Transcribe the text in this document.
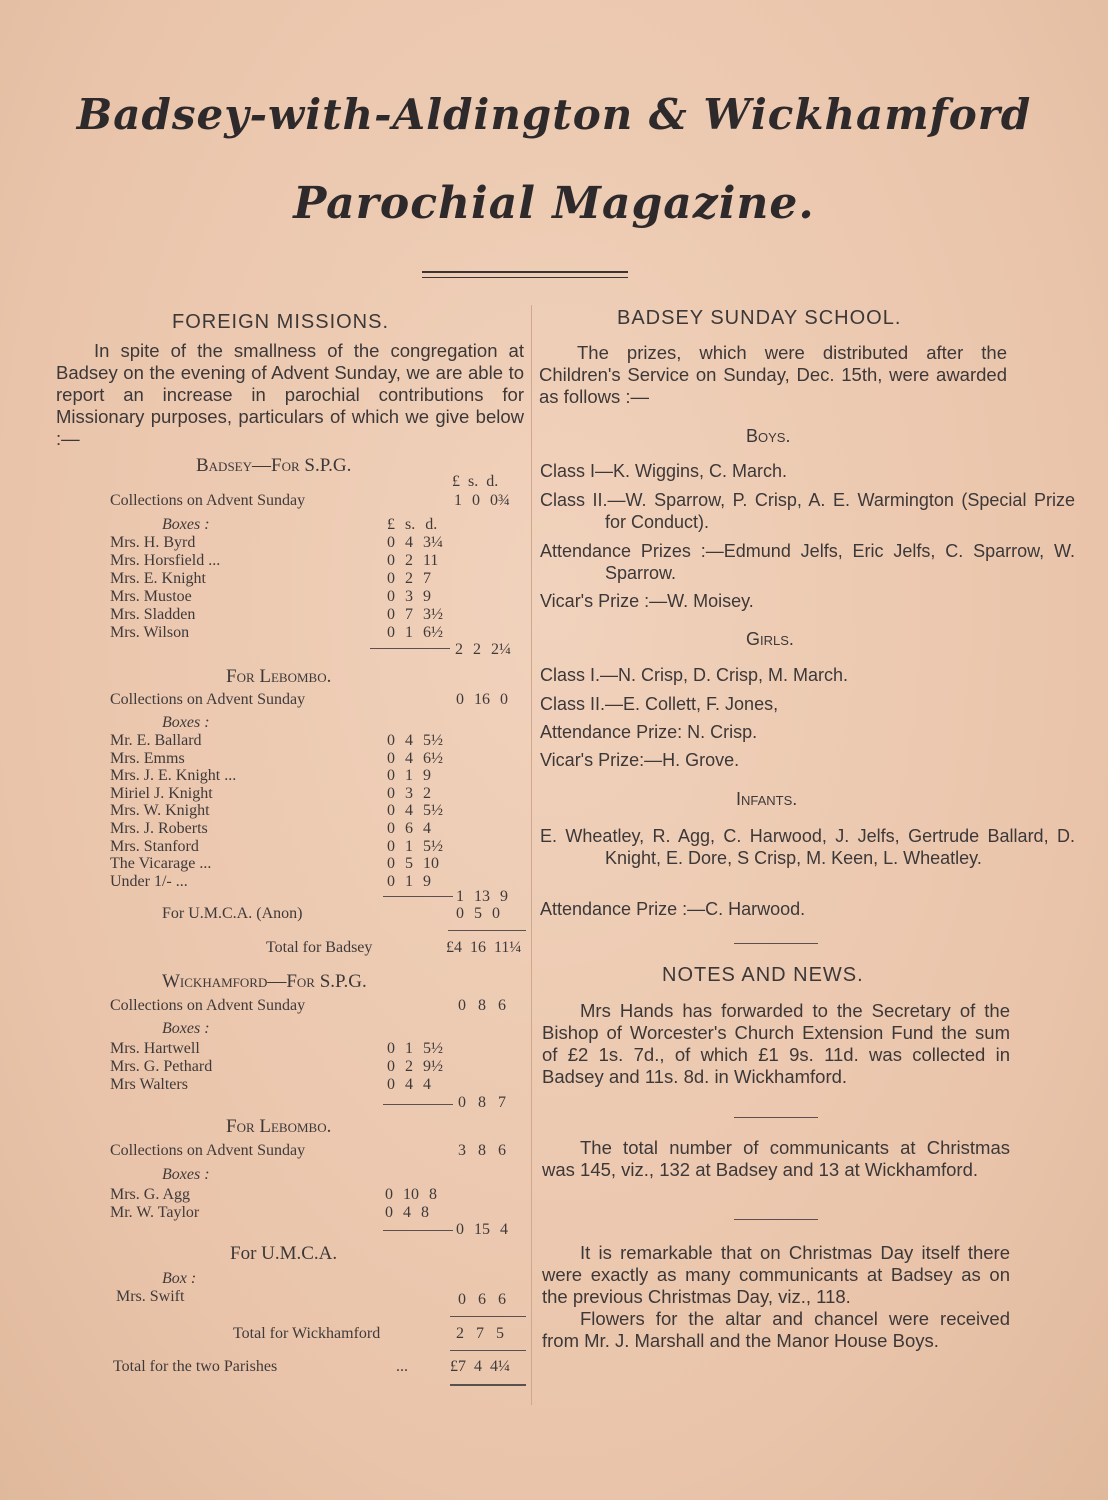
Badsey-with-Aldington & Wickhamford
Parochial Magazine.
FOREIGN MISSIONS.

In spite of the smallness of the congregation at Badsey on the evening of Advent Sunday, we are able to report an increase in parochial contributions for Missionary purposes, particulars of which we give below :—

Badsey—For S.P.G.
£ s. d.
Collections on Advent Sunday	1 0 0¾
Boxes :	£ s. d.
Mrs. H. Byrd	0 4 3¼
Mrs. Horsfield ...	0 2 11
Mrs. E. Knight	0 2 7
Mrs. Mustoe	0 3 9
Mrs. Sladden	0 7 3½
Mrs. Wilson	0 1 6½
2 2 2¼
For Lebombo.
Collections on Advent Sunday	0 16 0
Boxes :
Mr. E. Ballard	0 4 5½
Mrs. Emms	0 4 6½
Mrs. J. E. Knight ...	0 1 9
Miriel J. Knight	0 3 2
Mrs. W. Knight	0 4 5½
Mrs. J. Roberts	0 6 4
Mrs. Stanford	0 1 5½
The Vicarage ...	0 5 10
Under 1/- ...	0 1 9
1 13 9
For U.M.C.A. (Anon)	0 5 0
Total for Badsey	£4 16 11¼
Wickhamford—For S.P.G.
Collections on Advent Sunday	0 8 6
Boxes :
Mrs. Hartwell	0 1 5½
Mrs. G. Pethard	0 2 9½
Mrs Walters	0 4 4
0 8 7
For Lebombo.
Collections on Advent Sunday	3 8 6
Boxes :
Mrs. G. Agg	0 10 8
Mr. W. Taylor	0 4 8
0 15 4
For U.M.C.A.
Box :
Mrs. Swift	0 6 6
Total for Wickhamford	2 7 5
Total for the two Parishes	...	£7 4 4¼
BADSEY SUNDAY SCHOOL.

The prizes, which were distributed after the Children's Service on Sunday, Dec. 15th, were awarded as follows :—

Boys.
Class I—K. Wiggins, C. March.
Class II.—W. Sparrow, P. Crisp, A. E. Warmington (Special Prize for Conduct).
Attendance Prizes :—Edmund Jelfs, Eric Jelfs, C. Sparrow, W. Sparrow.
Vicar's Prize :—W. Moisey.
Girls.
Class I.—N. Crisp, D. Crisp, M. March.
Class II.—E. Collett, F. Jones,
Attendance Prize: N. Crisp.
Vicar's Prize:—H. Grove.
Infants.
E. Wheatley, R. Agg, C. Harwood, J. Jelfs, Gertrude Ballard, D. Knight, E. Dore, S Crisp, M. Keen, L. Wheatley.
Attendance Prize :—C. Harwood.
NOTES AND NEWS.

Mrs Hands has forwarded to the Secretary of the Bishop of Worcester's Church Extension Fund the sum of £2 1s. 7d., of which £1 9s. 11d. was collected in Badsey and 11s. 8d. in Wickhamford.

The total number of communicants at Christmas was 145, viz., 132 at Badsey and 13 at Wickhamford.

It is remarkable that on Christmas Day itself there were exactly as many communicants at Badsey as on the previous Christmas Day, viz., 118.

Flowers for the altar and chancel were received from Mr. J. Marshall and the Manor House Boys.
